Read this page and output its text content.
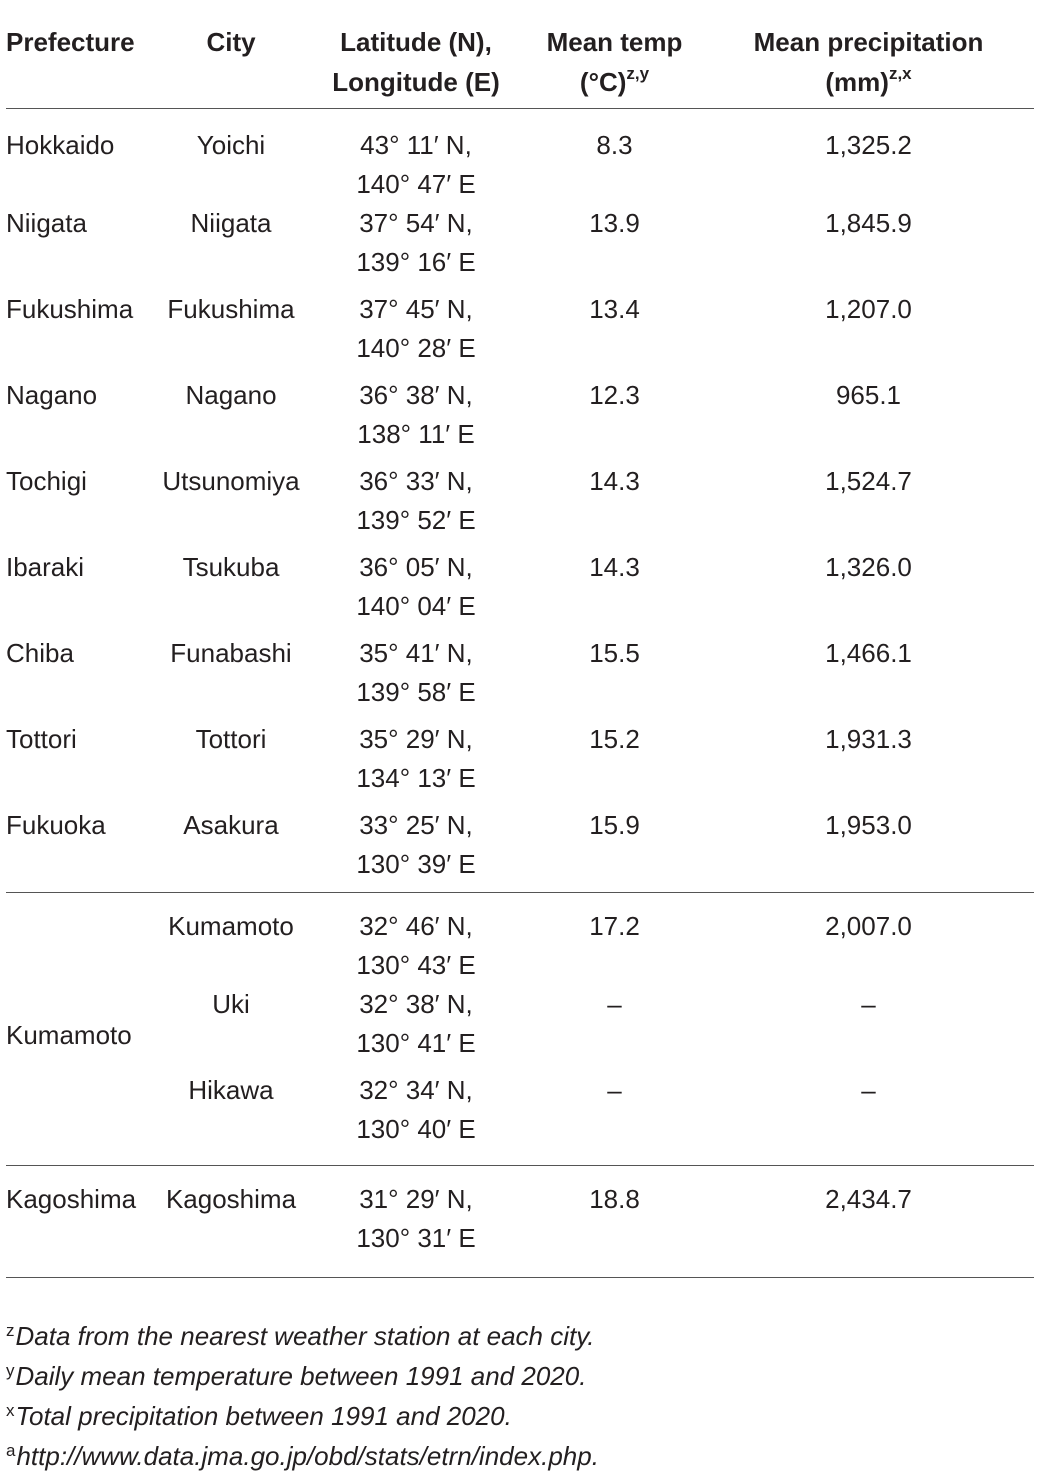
Prefecture	City	Latitude (N),
Longitude (E)	Mean temp
$(^\circ C)^{z,y}$	Mean precipitation
(mm)$^{z,x}$
Hokkaido	Yoichi	43° 11′ N,
140° 47′ E	8.3	1,325.2
Niigata	Niigata	37° 54′ N,
139° 16′ E	13.9	1,845.9
Fukushima	Fukushima	37° 45′ N,
140° 28′ E	13.4	1,207.0
Nagano	Nagano	36° 38′ N,
138° 11′ E	12.3	965.1
Tochigi	Utsunomiya	36° 33′ N,
139° 52′ E	14.3	1,524.7
Ibaraki	Tsukuba	36° 05′ N,
140° 04′ E	14.3	1,326.0
Chiba	Funabashi	35° 41′ N,
139° 58′ E	15.5	1,466.1
Tottori	Tottori	35° 29′ N,
134° 13′ E	15.2	1,931.3
Fukuoka	Asakura	33° 25′ N,
130° 39′ E	15.9	1,953.0
Kumamoto	Kumamoto	32° 46′ N,
130° 43′ E	17.2	2,007.0
	Uki	32° 38′ N,
130° 41′ E	–	–
	Hikawa	32° 34′ N,
130° 40′ E	–	–
Kagoshima	Kagoshima	31° 29′ N,
130° 31′ E	18.8	2,434.7
$^z$Data from the nearest weather station at each city.
$^y$Daily mean temperature between 1991 and 2020.
$^x$Total precipitation between 1991 and 2020.
$^a$http://www.data.jma.go.jp/obd/stats/etrn/index.php.
